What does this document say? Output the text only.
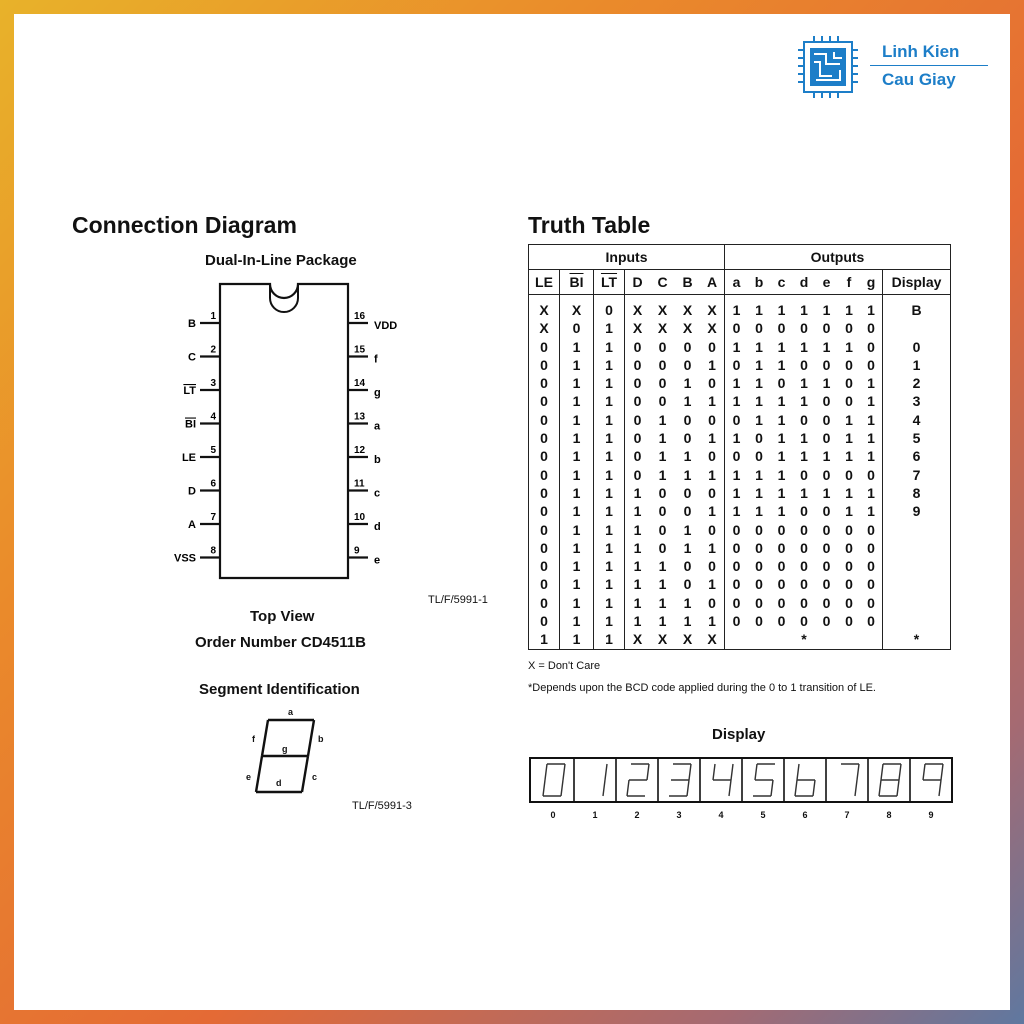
Linh Kien
Cau Giay
Connection Diagram
Dual-In-Line Package
1
B
2
C
3
LT
4
BI
5
LE
6
D
7
A
8
VSS
16
VDD
15
f
14
g
13
a
12
b
11
c
10
d
9
e
TL/F/5991-1
Top View
Order Number CD4511B
Segment Identification
a
b
c
d
e
f
g
TL/F/5991-3
Truth Table
Inputs							Outputs							
LE	$\overline{BI}$	$\overline{LT}$	D	C	B	A	a	b	c	d	e	f	g	Display
X	X	0	X	X	X	X	1	1	1	1	1	1	1	B
X	0	1	X	X	X	X	0	0	0	0	0	0	0	
0	1	1	0	0	0	0	1	1	1	1	1	1	0	0
0	1	1	0	0	0	1	0	1	1	0	0	0	0	1
0	1	1	0	0	1	0	1	1	0	1	1	0	1	2
0	1	1	0	0	1	1	1	1	1	1	0	0	1	3
0	1	1	0	1	0	0	0	1	1	0	0	1	1	4
0	1	1	0	1	0	1	1	0	1	1	0	1	1	5
0	1	1	0	1	1	0	0	0	1	1	1	1	1	6
0	1	1	0	1	1	1	1	1	1	0	0	0	0	7
0	1	1	1	0	0	0	1	1	1	1	1	1	1	8
0	1	1	1	0	0	1	1	1	1	0	0	1	1	9
0	1	1	1	0	1	0	0	0	0	0	0	0	0	
0	1	1	1	0	1	1	0	0	0	0	0	0	0	
0	1	1	1	1	0	0	0	0	0	0	0	0	0	
0	1	1	1	1	0	1	0	0	0	0	0	0	0	
0	1	1	1	1	1	0	0	0	0	0	0	0	0	
0	1	1	1	1	1	1	0	0	0	0	0	0	0	
1	1	1	X	X	X	X				*				*
X = Don't Care
*Depends upon the BCD code applied during the 0 to 1 transition of LE.
Display
0	1	2	3	4	5	6	7	8	9
